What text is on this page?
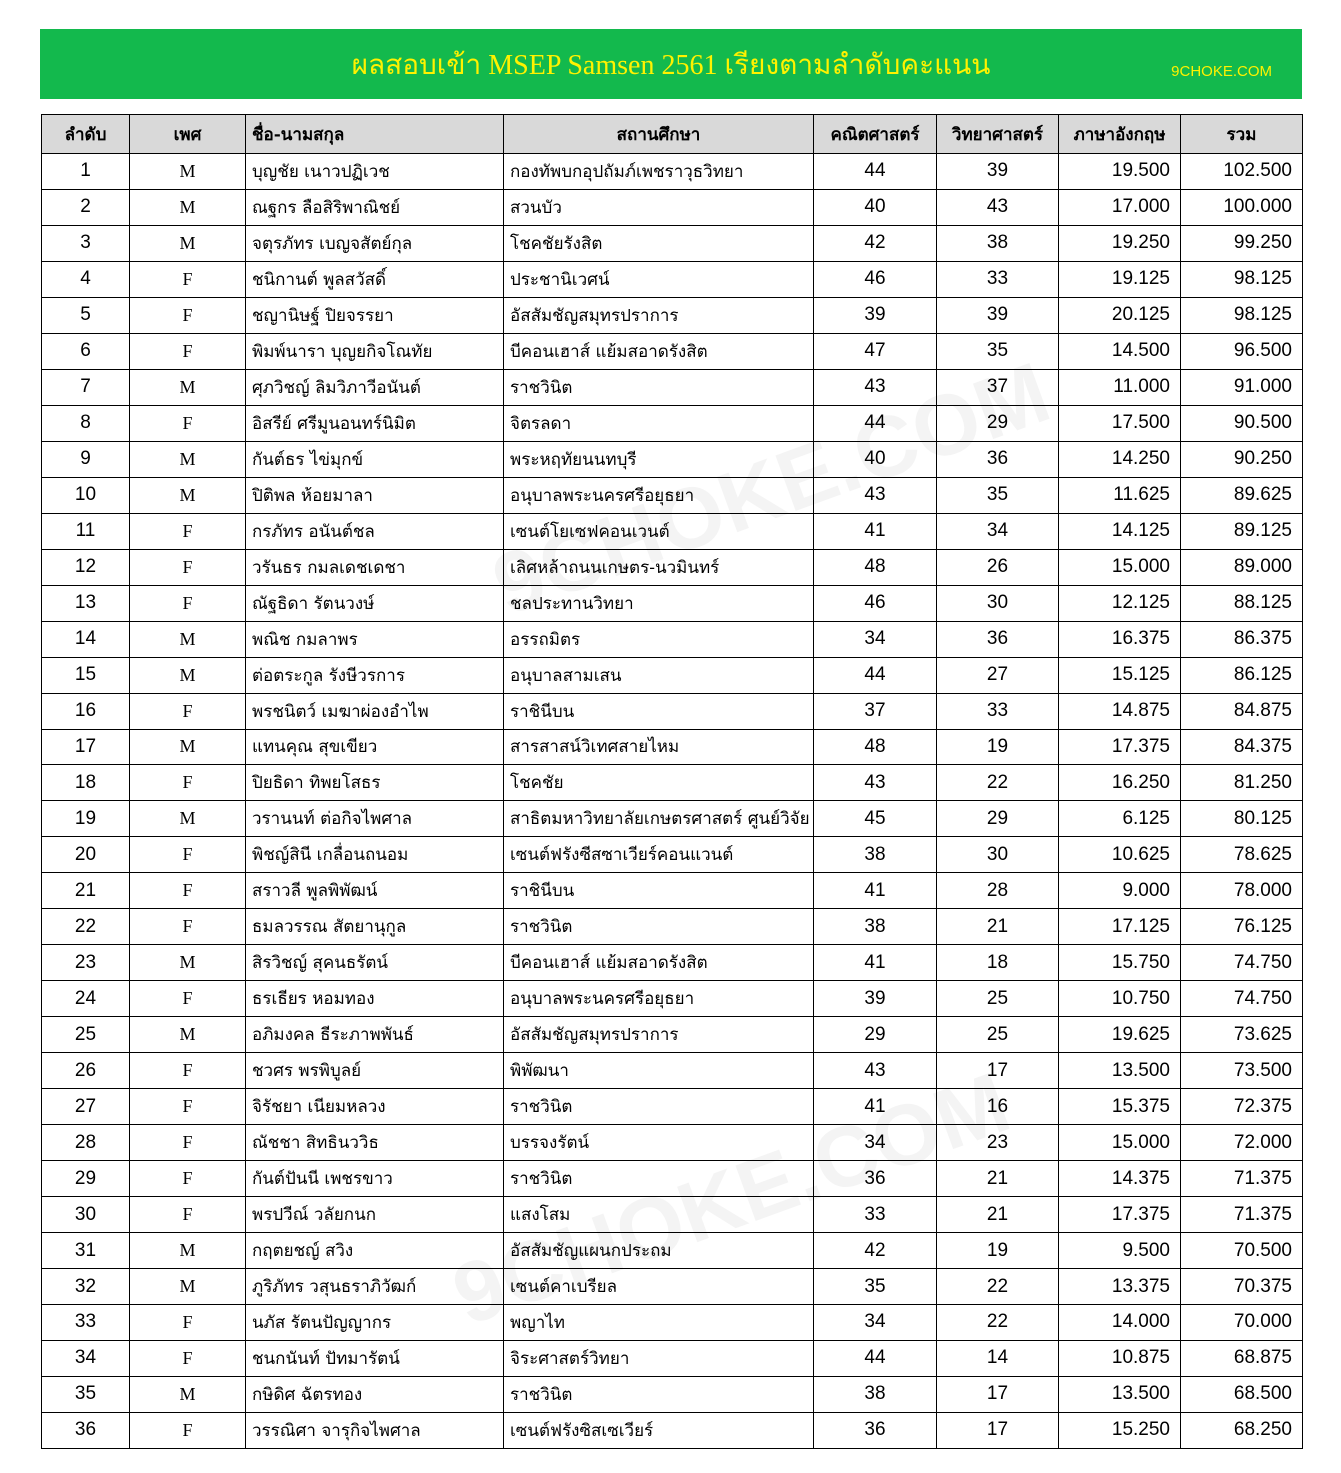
ผลสอบเข้า MSEP Samsen 2561 เรียงตามลำดับคะแนน	9CHOKE.COM
ลำดับ	เพศ	ชื่อ-นามสกุล	สถานศึกษา	คณิตศาสตร์	วิทยาศาสตร์	ภาษาอังกฤษ	รวม
1	M	บุญชัย เนาวปฏิเวช	กองทัพบกอุปถัมภ์เพชราวุธวิทยา	44	39	19.500	102.500
2	M	ณฐกร ลือสิริพาณิชย์	สวนบัว	40	43	17.000	100.000
3	M	จตุรภัทร เบญจสัตย์กุล	โชคชัยรังสิต	42	38	19.250	99.250
4	F	ชนิกานต์ พูลสวัสดิ์	ประชานิเวศน์	46	33	19.125	98.125
5	F	ชญานิษฐ์ ปิยจรรยา	อัสสัมชัญสมุทรปราการ	39	39	20.125	98.125
6	F	พิมพ์นารา บุญยกิจโณทัย	บีคอนเฮาส์ แย้มสอาดรังสิต	47	35	14.500	96.500
7	M	ศุภวิชญ์ ลิมวิภาวีอนันต์	ราชวินิต	43	37	11.000	91.000
8	F	อิสรีย์ ศรีมูนอนทร์นิมิต	จิตรลดา	44	29	17.500	90.500
9	M	กันต์ธร ไข่มุกข์	พระหฤทัยนนทบุรี	40	36	14.250	90.250
10	M	ปิติพล ห้อยมาลา	อนุบาลพระนครศรีอยุธยา	43	35	11.625	89.625
11	F	กรภัทร อนันต์ชล	เซนต์โยเซฟคอนเวนต์	41	34	14.125	89.125
12	F	วรันธร กมลเดชเดชา	เลิศหล้าถนนเกษตร-นวมินทร์	48	26	15.000	89.000
13	F	ณัฐธิดา รัตนวงษ์	ชลประทานวิทยา	46	30	12.125	88.125
14	M	พณิช กมลาพร	อรรถมิตร	34	36	16.375	86.375
15	M	ต่อตระกูล รังษีวรการ	อนุบาลสามเสน	44	27	15.125	86.125
16	F	พรชนิตว์ เมฆาผ่องอำไพ	ราชินีบน	37	33	14.875	84.875
17	M	แทนคุณ สุขเขียว	สารสาสน์วิเทศสายไหม	48	19	17.375	84.375
18	F	ปิยธิดา ทิพยโสธร	โชคชัย	43	22	16.250	81.250
19	M	วรานนท์ ต่อกิจไพศาล	สาธิตมหาวิทยาลัยเกษตรศาสตร์ ศูนย์วิจัย	45	29	6.125	80.125
20	F	พิชญ์สินี เกลื่อนถนอม	เซนต์ฟรังซีสซาเวียร์คอนแวนต์	38	30	10.625	78.625
21	F	สราวลี พูลพิพัฒน์	ราชินีบน	41	28	9.000	78.000
22	F	ธมลวรรณ สัตยานุกูล	ราชวินิต	38	21	17.125	76.125
23	M	สิรวิชญ์ สุคนธรัตน์	บีคอนเฮาส์ แย้มสอาดรังสิต	41	18	15.750	74.750
24	F	ธรเธียร หอมทอง	อนุบาลพระนครศรีอยุธยา	39	25	10.750	74.750
25	M	อภิมงคล ธีระภาพพันธ์	อัสสัมชัญสมุทรปราการ	29	25	19.625	73.625
26	F	ชวศร พรพิบูลย์	พิพัฒนา	43	17	13.500	73.500
27	F	จิรัชยา เนียมหลวง	ราชวินิต	41	16	15.375	72.375
28	F	ณัชชา สิทธินววิธ	บรรจงรัตน์	34	23	15.000	72.000
29	F	กันต์ปันนี เพชรขาว	ราชวินิต	36	21	14.375	71.375
30	F	พรปวีณ์ วลัยกนก	แสงโสม	33	21	17.375	71.375
31	M	กฤตยชญ์ สวิง	อัสสัมชัญแผนกประถม	42	19	9.500	70.500
32	M	ภูริภัทร วสุนธราภิวัฒก์	เซนต์คาเบรียล	35	22	13.375	70.375
33	F	นภัส รัตนปัญญากร	พญาไท	34	22	14.000	70.000
34	F	ชนกนันท์ ปัทมารัตน์	จิระศาสตร์วิทยา	44	14	10.875	68.875
35	M	กษิดิศ ฉัตรทอง	ราชวินิต	38	17	13.500	68.500
36	F	วรรณิศา จารุกิจไพศาล	เซนต์ฟรังซิสเซเวียร์	36	17	15.250	68.250
